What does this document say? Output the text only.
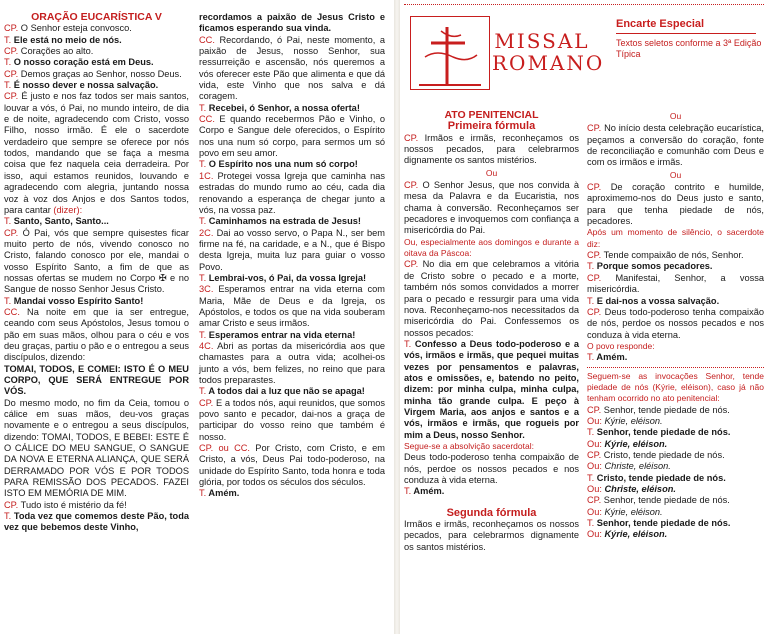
ORAÇÃO EUCARÍSTICA V

CP. O Senhor esteja convosco.

T. Ele está no meio de nós.

CP. Corações ao alto.

T. O nosso coração está em Deus.

CP. Demos graças ao Senhor, nosso Deus.

T. É nosso dever e nossa salvação.

CP. É justo e nos faz todos ser mais santos, louvar a vós, ó Pai, no mundo inteiro, de dia e de noite, agradecendo com Cristo, vosso Filho, nosso irmão. É ele o sacerdote verdadeiro que sempre se oferece por nós todos, mandando que se faça a mesma coisa que fez naquela ceia derradeira. Por isso, aqui estamos reunidos, louvando e agradecendo com alegria, juntando nossa voz à voz dos Anjos e dos Santos todos, para cantar (dizer):

T. Santo, Santo, Santo...

CP. Ó Pai, vós que sempre quisestes ficar muito perto de nós, vivendo conosco no Cristo, falando conosco por ele, mandai o vosso Espírito Santo, a fim de que as nossas ofertas se mudem no Corpo ✠ e no Sangue de nosso Senhor Jesus Cristo.

T. Mandai vosso Espírito Santo!

CC. Na noite em que ia ser entregue, ceando com seus Apóstolos, Jesus tomou o pão em suas mãos, olhou para o céu e vos deu graças, partiu o pão e o entregou a seus discípulos, dizendo:

TOMAI, TODOS, E COMEI: ISTO É O MEU CORPO, QUE SERÁ ENTREGUE POR VÓS.

Do mesmo modo, no fim da Ceia, tomou o cálice em suas mãos, deu-vos graças novamente e o entregou a seus discípulos, dizendo: TOMAI, TODOS, E BEBEI: ESTE É O CÁLICE DO MEU SANGUE, O SANGUE DA NOVA E ETERNA ALIANÇA, QUE SERÁ DERRAMADO POR VÓS E POR TODOS PARA REMISSÃO DOS PECADOS. FAZEI ISTO EM MEMÓRIA DE MIM.

CP. Tudo isto é mistério da fé!

T. Toda vez que comemos deste Pão, toda vez que bebemos deste Vinho,

recordamos a paixão de Jesus Cristo e ficamos esperando sua vinda.

CC. Recordando, ó Pai, neste momento, a paixão de Jesus, nosso Senhor, sua ressurreição e ascensão, nós queremos a vós oferecer este Pão que alimenta e que dá vida, este Vinho que nos salva e dá coragem.

T. Recebei, ó Senhor, a nossa oferta!

CC. E quando recebermos Pão e Vinho, o Corpo e Sangue dele oferecidos, o Espírito nos una num só corpo, para sermos um só povo em seu amor.

T. O Espírito nos una num só corpo!

1C. Protegei vossa Igreja que caminha nas estradas do mundo rumo ao céu, cada dia renovando a esperança de chegar junto a vós, na vossa paz.

T. Caminhamos na estrada de Jesus!

2C. Dai ao vosso servo, o Papa N., ser bem firme na fé, na caridade, e a N., que é Bispo desta Igreja, muita luz para guiar o vosso Povo.

T. Lembrai-vos, ó Pai, da vossa Igreja!

3C. Esperamos entrar na vida eterna com Maria, Mãe de Deus e da Igreja, os Apóstolos, e todos os que na vida souberam amar Cristo e seus irmãos.

T. Esperamos entrar na vida eterna!

4C. Abri as portas da misericórdia aos que chamastes para a outra vida; acolhei-os junto a vós, bem felizes, no reino que para todos preparastes.

T. A todos dai a luz que não se apaga!

CP. E a todos nós, aqui reunidos, que somos povo santo e pecador, dai-nos a graça de participar do vosso reino que também é nosso.

CP. ou CC. Por Cristo, com Cristo, e em Cristo, a vós, Deus Pai todo-poderoso, na unidade do Espírito Santo, toda honra e toda glória, por todos os séculos dos séculos.

T. Amém.

MISSAL
ROMANO

Encarte Especial

Textos seletos conforme a 3ª Edição Típica

ATO PENITENCIAL

Primeira fórmula

CP. Irmãos e irmãs, reconheçamos os nossos pecados, para celebrarmos dignamente os santos mistérios.

Ou

CP. O Senhor Jesus, que nos convida à mesa da Palavra e da Eucaristia, nos chama à conversão. Reconheçamos ser pecadores e invoquemos com confiança a misericórdia do Pai.

Ou, especialmente aos domingos e durante a oitava da Páscoa:

CP. No dia em que celebramos a vitória de Cristo sobre o pecado e a morte, também nós somos convidados a morrer para o pecado e ressurgir para uma vida nova. Reconheçamo-nos necessitados da misericórdia do Pai. Confessemos os nossos pecados:

T. Confesso a Deus todo-poderoso e a vós, irmãos e irmãs, que pequei muitas vezes por pensamentos e palavras, atos e omissões, e, batendo no peito, dizem: por minha culpa, minha culpa, minha tão grande culpa. E peço à Virgem Maria, aos anjos e santos e a vós, irmãos e irmãs, que rogueis por mim a Deus, nosso Senhor.

Segue-se a absolvição sacerdotal:

Deus todo-poderoso tenha compaixão de nós, perdoe os nossos pecados e nos conduza à vida eterna.

T. Amém.

Segunda fórmula

Irmãos e irmãs, reconheçamos os nossos pecados, para celebrarmos dignamente os santos mistérios.

Ou

CP. No início desta celebração eucarística, peçamos a conversão do coração, fonte de reconciliação e comunhão com Deus e com os irmãos e irmãs.

Ou

CP. De coração contrito e humilde, aproximemo-nos do Deus justo e santo, para que tenha piedade de nós, pecadores.

Após um momento de silêncio, o sacerdote diz:

CP. Tende compaixão de nós, Senhor.

T. Porque somos pecadores.

CP. Manifestai, Senhor, a vossa misericórdia.

T. E dai-nos a vossa salvação.

CP. Deus todo-poderoso tenha compaixão de nós, perdoe os nossos pecados e nos conduza à vida eterna.

O povo responde:

T. Amém.

Seguem-se as invocações Senhor, tende piedade de nós (Kýrie, eléison), caso já não tenham ocorrido no ato penitencial:

CP. Senhor, tende piedade de nós.

Ou: Kýrie, eléison.

T. Senhor, tende piedade de nós.

Ou: Kýrie, eléison.

CP. Cristo, tende piedade de nós.

Ou: Christe, eléison.

T. Cristo, tende piedade de nós.

Ou: Christe, eléison.

CP. Senhor, tende piedade de nós.

Ou: Kýrie, eléison.

T. Senhor, tende piedade de nós.

Ou: Kýrie, eléison.
